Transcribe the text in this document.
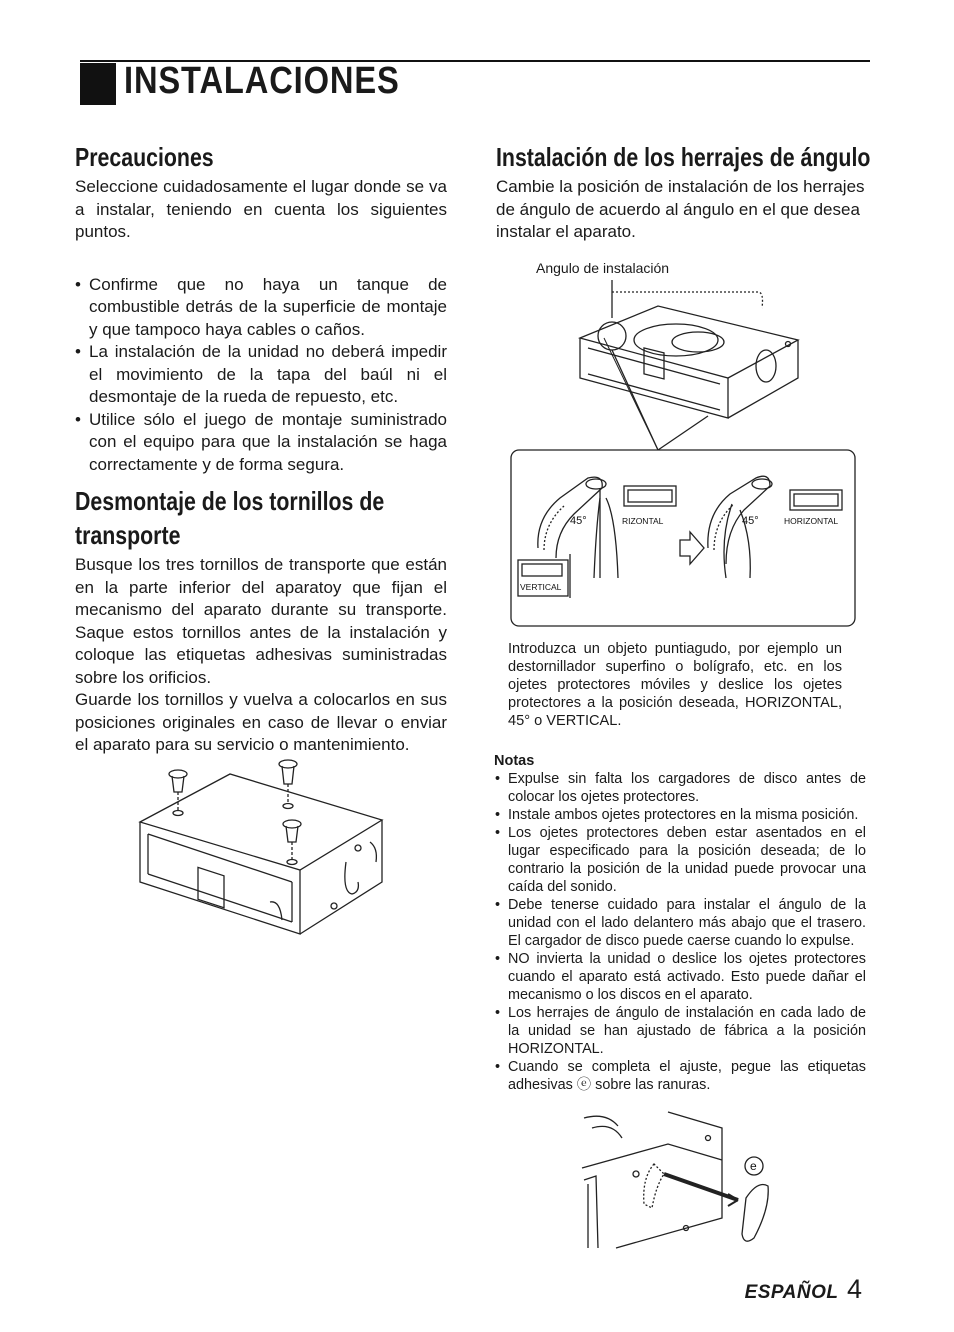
INSTALACIONES
Precauciones

Seleccione cuidadosamente el lugar donde se va a instalar, teniendo en cuenta los siguientes puntos.

• Confirme que no haya un tanque de combustible detrás de la superficie de montaje y que tampoco haya cables o caños.
• La instalación de la unidad no deberá impedir el movimiento de la tapa del baúl ni el desmontaje de la rueda de repuesto, etc.
• Utilice sólo el juego de montaje suministrado con el equipo para que la instalación se haga correctamente y de forma segura.
Desmontaje de los tornillos de
transporte

Busque los tres tornillos de transporte que están en la parte inferior del aparatoy que fijan el mecanismo del aparato durante su transporte. Saque estos tornillos antes de la instalación y coloque las etiquetas adhesivas suministradas sobre los orificios.

Guarde los tornillos y vuelva a colocarlos en sus posiciones originales en caso de llevar o enviar el aparato para su servicio o mantenimiento.

Instalación de los herrajes de ángulo

Cambie la posición de instalación de los herrajes de ángulo de acuerdo al ángulo en el que desea instalar el aparato.

Angulo de instalación
45°	RIZONTAL
VERTICAL
45°	HORIZONTAL

Introduzca un objeto puntiagudo, por ejemplo un destornillador superfino o bolígrafo, etc. en los ojetes protectores móviles y deslice los ojetes protectores a la posición deseada, HORIZONTAL, 45° o VERTICAL.

Notas
• Expulse sin falta los cargadores de disco antes de colocar los ojetes protectores.
• Instale ambos ojetes protectores en la misma posición.
• Los ojetes protectores deben estar asentados en el lugar especificado para la posición deseada; de lo contrario la posición de la unidad puede provocar una caída del sonido.
• Debe tenerse cuidado para instalar el ángulo de la unidad con el lado delantero más abajo que el trasero. El cargador de disco puede caerse cuando lo expulse.
• NO invierta la unidad o deslice los ojetes protectores cuando el aparato está activado. Esto puede dañar el mecanismo o los discos en el aparato.
• Los herrajes de ángulo de instalación en cada lado de la unidad se han ajustado de fábrica a la posición HORIZONTAL.
• Cuando se completa el ajuste, pegue las etiquetas adhesivas ⓔ sobre las ranuras.
e
ESPAÑOL 4
